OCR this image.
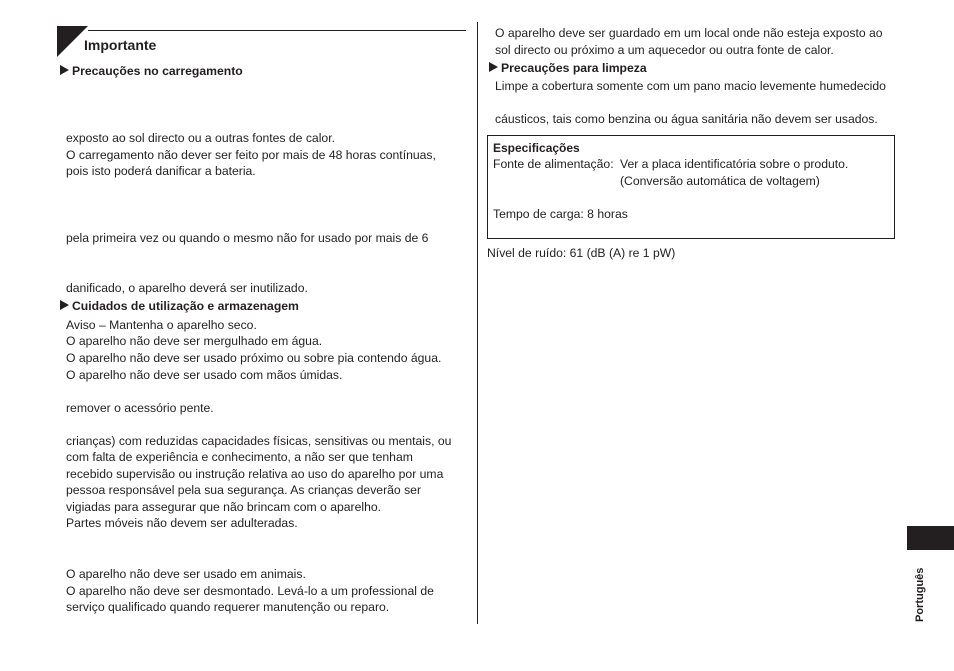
Português
Importante
Precauções no carregamento
exposto ao sol directo ou a outras fontes de calor.
O carregamento não dever ser feito por mais de 48 horas contínuas,
pois isto poderá danificar a bateria.
pela primeira vez ou quando o mesmo não for usado por mais de 6
danificado, o aparelho deverá ser inutilizado.
Cuidados de utilização e armazenagem
Aviso – Mantenha o aparelho seco.
O aparelho não deve ser mergulhado em água.
O aparelho não deve ser usado próximo ou sobre pia contendo água.
O aparelho não deve ser usado com mãos úmidas.
remover o acessório pente.
crianças) com reduzidas capacidades físicas, sensitivas ou mentais, ou
com falta de experiência e conhecimento, a não ser que tenham
recebido supervisão ou instrução relativa ao uso do aparelho por uma
pessoa responsável pela sua segurança. As crianças deverão ser
vigiadas para assegurar que não brincam com o aparelho.
Partes móveis não devem ser adulteradas.
O aparelho não deve ser usado em animais.
O aparelho não deve ser desmontado. Levá-lo a um professional de
serviço qualificado quando requerer manutenção ou reparo.
O aparelho deve ser guardado em um local onde não esteja exposto ao
sol directo ou próximo a um aquecedor ou outra fonte de calor.
Precauções para limpeza
Limpe a cobertura somente com um pano macio levemente humedecido
cáusticos, tais como benzina ou água sanitária não devem ser usados.
Especificações
Fonte de alimentação: Ver a placa identificatória sobre o produto.
(Conversão automática de voltagem)
Tempo de carga: 8 horas
Nível de ruído: 61 (dB (A) re 1 pW)
